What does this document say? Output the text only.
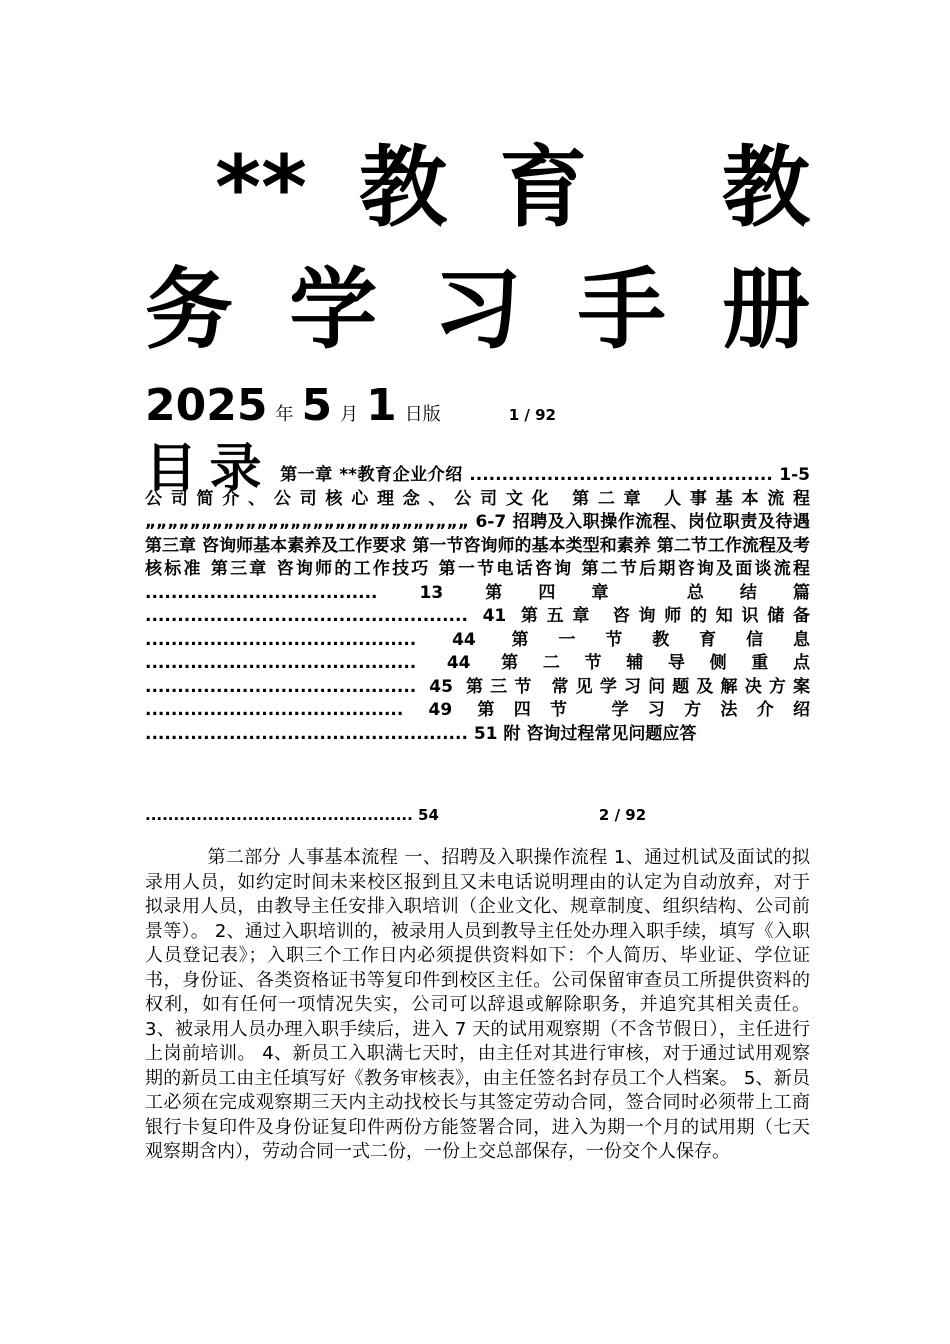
**教育 教
务学习手册
2025 年 5 月 1 日版	1 / 92
目录 第一章 **教育企业介绍 ............................................... 1-5 公司简介、公司核心理念、公司文化 第二章 人事基本流程„„„„„„„„„„„„„„„„„„„„„„„„„„„„„ 6-7 招聘及入职操作流程、岗位职责及待遇 第三章 咨询师基本素养及工作要求 第一节咨询师的基本类型和素养 第二节工作流程及考核标准 第三章 咨询师的工作技巧 第一节电话咨询 第二节后期咨询及面谈流程 .................................... 13 第四章 总结篇 .................................................. 41 第五章 咨询师的知识储备 .......................................... 44 第一节教育信息 .......................................... 44 第二节辅导侧重点 .......................................... 45 第三节 常见学习问题及解决方案 ........................................ 49 第四节 学习方法介绍 .................................................. 51 附 咨询过程常见问题应答
............................................... 54	2 / 92
第二部分 人事基本流程 一、招聘及入职操作流程 1、通过机试及面试的拟录用人员，如约定时间未来校区报到且又未电话说明理由的认定为自动放弃，对于拟录用人员，由教导主任安排入职培训（企业文化、规章制度、组织结构、公司前景等）。 2、通过入职培训的，被录用人员到教导主任处办理入职手续，填写《入职人员登记表》；入职三个工作日内必须提供资料如下：个人简历、毕业证、学位证书，身份证、各类资格证书等复印件到校区主任。公司保留审查员工所提供资料的权利，如有任何一项情况失实，公司可以辞退或解除职务，并追究其相关责任。 3、被录用人员办理入职手续后，进入 7 天的试用观察期（不含节假日），主任进行上岗前培训。 4、新员工入职满七天时，由主任对其进行审核，对于通过试用观察期的新员工由主任填写好《教务审核表》，由主任签名封存员工个人档案。 5、新员工必须在完成观察期三天内主动找校长与其签定劳动合同，签合同时必须带上工商银行卡复印件及身份证复印件两份方能签署合同，进入为期一个月的试用期（七天观察期含内），劳动合同一式二份，一份上交总部保存，一份交个人保存。
